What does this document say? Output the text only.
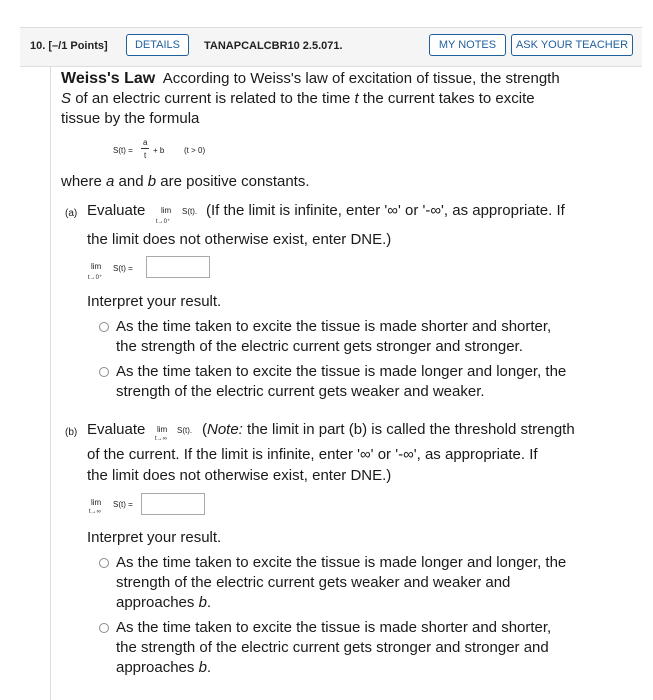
10. [–/1 Points]	DETAILS	TANAPCALCBR10 2.5.071.	MY NOTES	ASK YOUR TEACHER
Weiss's Law According to Weiss's law of excitation of tissue, the strength
S of an electric current is related to the time t the current takes to excite
tissue by the formula
S(t) =
a
t
+ b (t > 0)
where a and b are positive constants.
(a) Evaluate lim
t→0⁺
S(t). (If the limit is infinite, enter '∞' or '-∞', as appropriate. If
the limit does not otherwise exist, enter DNE.)
lim
t→0⁺
S(t) =
Interpret your result.
As the time taken to excite the tissue is made shorter and shorter,
the strength of the electric current gets stronger and stronger.
As the time taken to excite the tissue is made longer and longer, the
strength of the electric current gets weaker and weaker.
(b) Evaluate lim
t→∞
S(t). (Note: the limit in part (b) is called the threshold strength
of the current. If the limit is infinite, enter '∞' or '-∞', as appropriate. If
the limit does not otherwise exist, enter DNE.)
lim
t→∞
S(t) =
Interpret your result.
As the time taken to excite the tissue is made longer and longer, the
strength of the electric current gets weaker and weaker and
approaches b.
As the time taken to excite the tissue is made shorter and shorter,
the strength of the electric current gets stronger and stronger and
approaches b.
